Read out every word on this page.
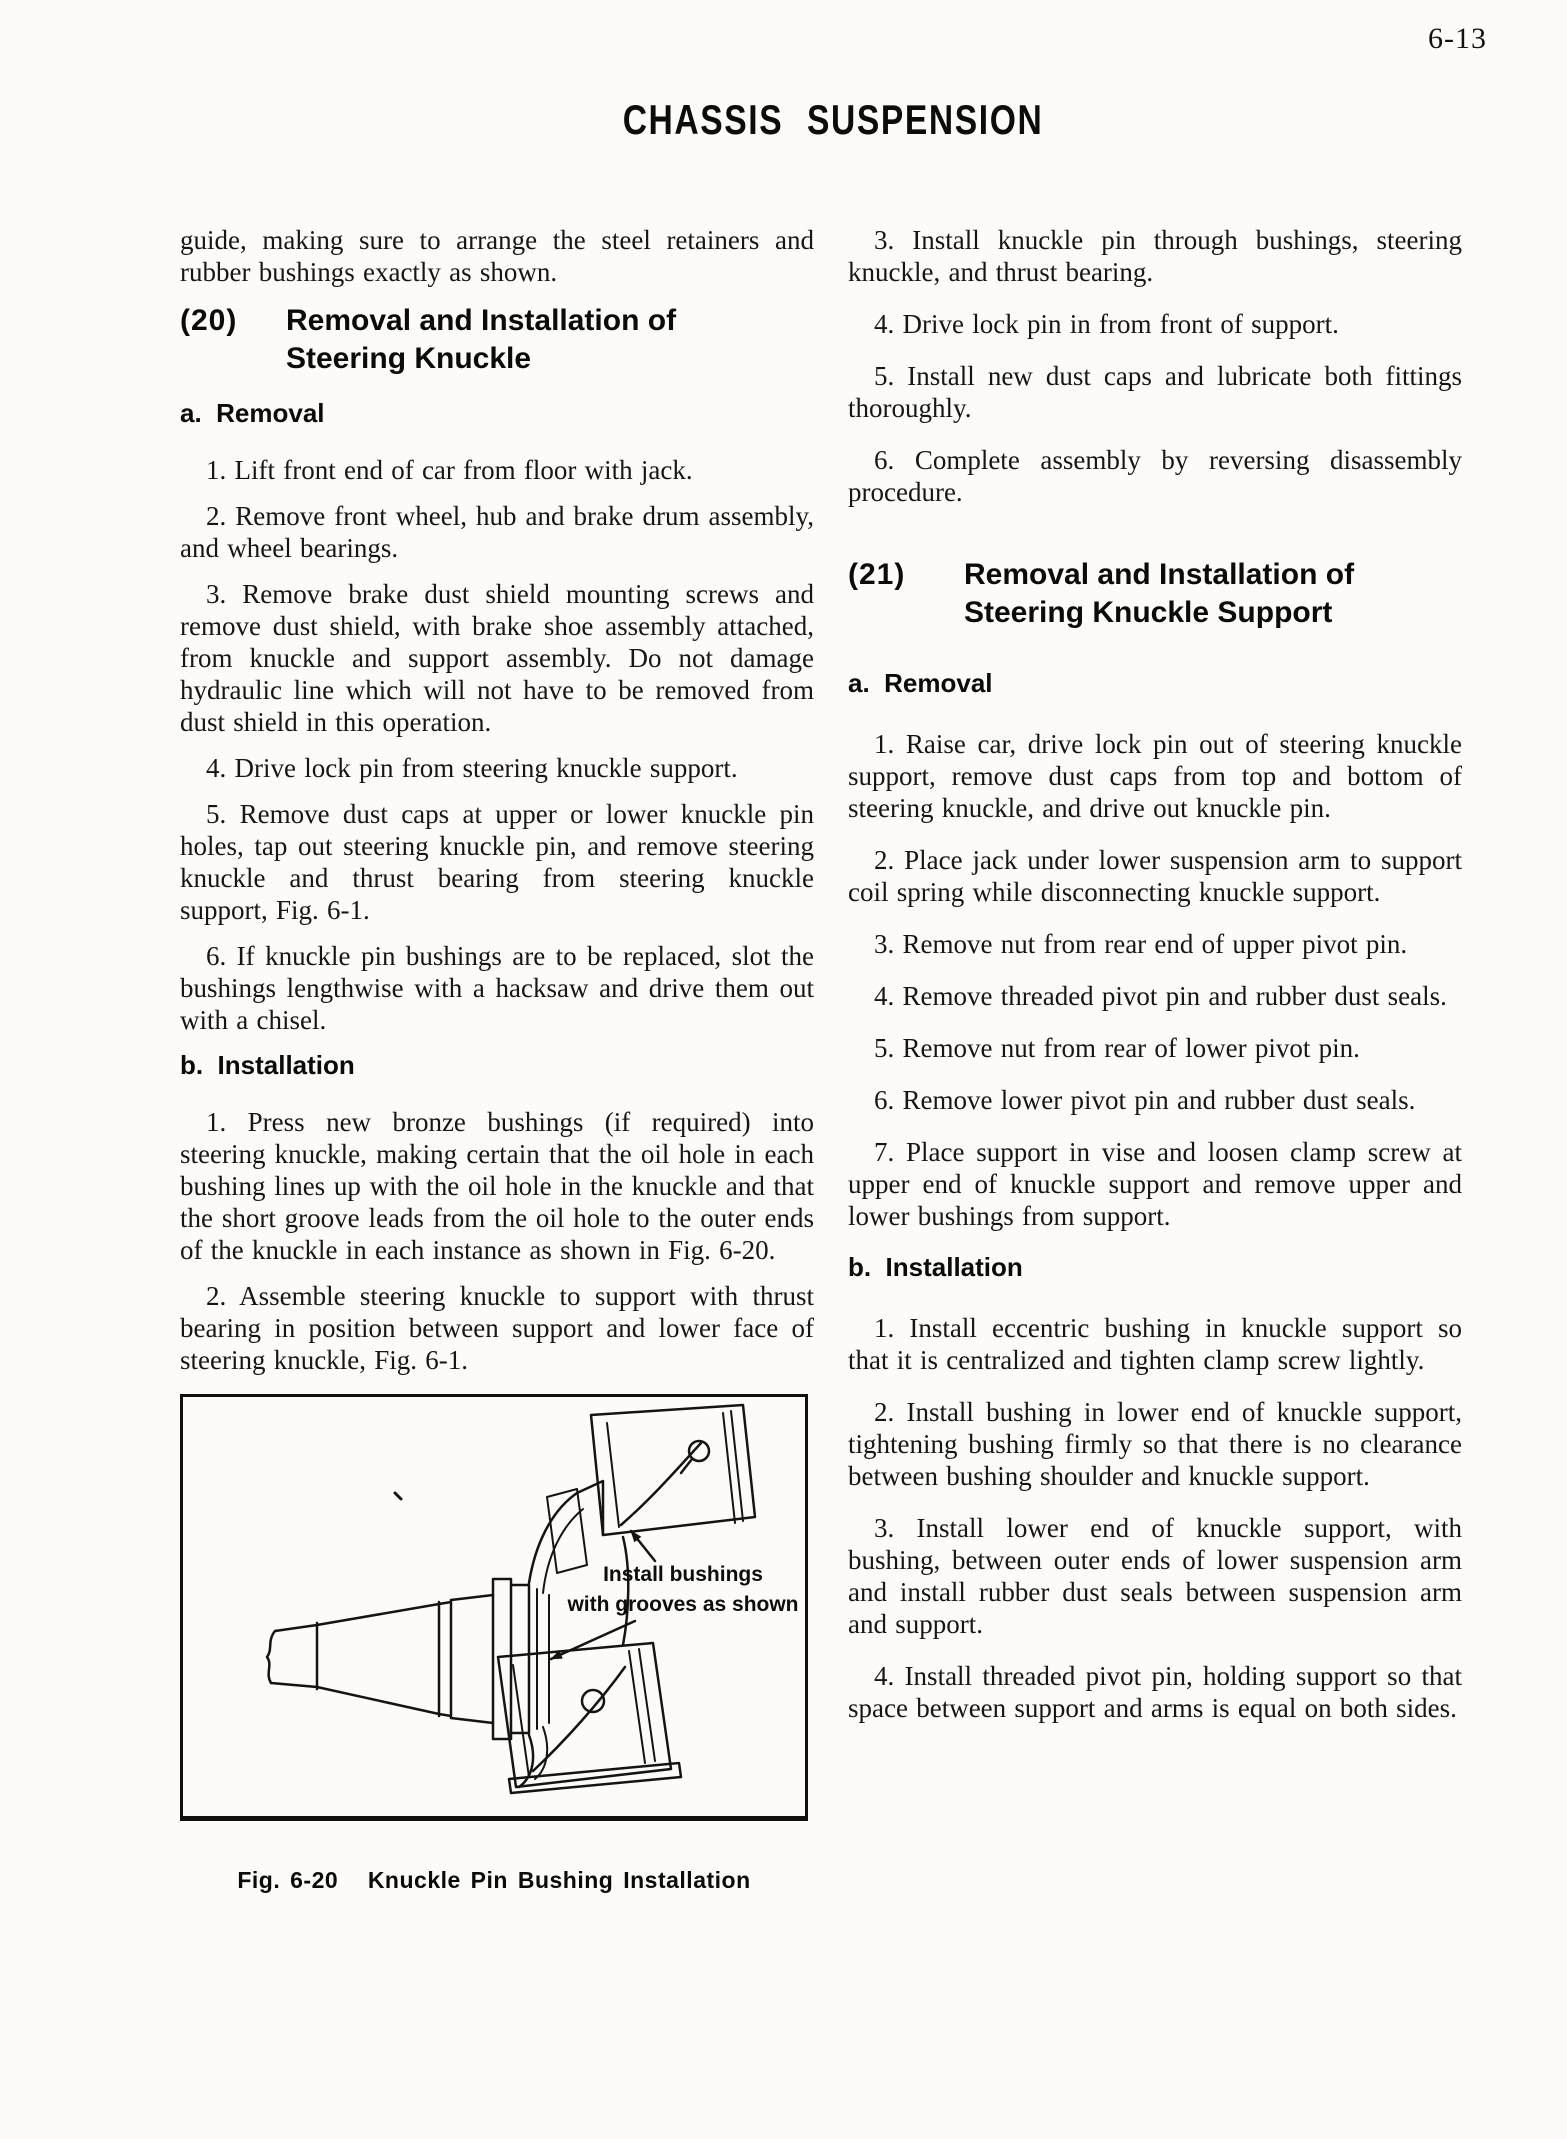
6-13
CHASSIS SUSPENSION

guide, making sure to arrange the steel retainers and rubber bushings exactly as shown.

(20)	Removal and Installation of
Steering Knuckle
a.  Removal

1. Lift front end of car from floor with jack.

2. Remove front wheel, hub and brake drum assembly, and wheel bearings.

3. Remove brake dust shield mounting screws and remove dust shield, with brake shoe assembly attached, from knuckle and support assembly. Do not damage hydraulic line which will not have to be removed from dust shield in this operation.

4. Drive lock pin from steering knuckle support.

5. Remove dust caps at upper or lower knuckle pin holes, tap out steering knuckle pin, and remove steering knuckle and thrust bearing from steering knuckle support, Fig. 6-1.

6. If knuckle pin bushings are to be replaced, slot the bushings lengthwise with a hacksaw and drive them out with a chisel.

b.  Installation

1. Press new bronze bushings (if required) into steering knuckle, making certain that the oil hole in each bushing lines up with the oil hole in the knuckle and that the short groove leads from the oil hole to the outer ends of the knuckle in each instance as shown in Fig. 6-20.

2. Assemble steering knuckle to support with thrust bearing in position between support and lower face of steering knuckle, Fig. 6-1.

Install bushings
with grooves as shown
Fig. 6-20   Knuckle Pin Bushing Installation

3. Install knuckle pin through bushings, steering knuckle, and thrust bearing.

4. Drive lock pin in from front of support.

5. Install new dust caps and lubricate both fittings thoroughly.

6. Complete assembly by reversing disassembly procedure.

(21)	Removal and Installation of
Steering Knuckle Support
a.  Removal

1. Raise car, drive lock pin out of steering knuckle support, remove dust caps from top and bottom of steering knuckle, and drive out knuckle pin.

2. Place jack under lower suspension arm to support coil spring while disconnecting knuckle support.

3. Remove nut from rear end of upper pivot pin.

4. Remove threaded pivot pin and rubber dust seals.

5. Remove nut from rear of lower pivot pin.

6. Remove lower pivot pin and rubber dust seals.

7. Place support in vise and loosen clamp screw at upper end of knuckle support and remove upper and lower bushings from support.

b.  Installation

1. Install eccentric bushing in knuckle support so that it is centralized and tighten clamp screw lightly.

2. Install bushing in lower end of knuckle support, tightening bushing firmly so that there is no clearance between bushing shoulder and knuckle support.

3. Install lower end of knuckle support, with bushing, between outer ends of lower suspension arm and install rubber dust seals between suspension arm and support.

4. Install threaded pivot pin, holding support so that space between support and arms is equal on both sides.
